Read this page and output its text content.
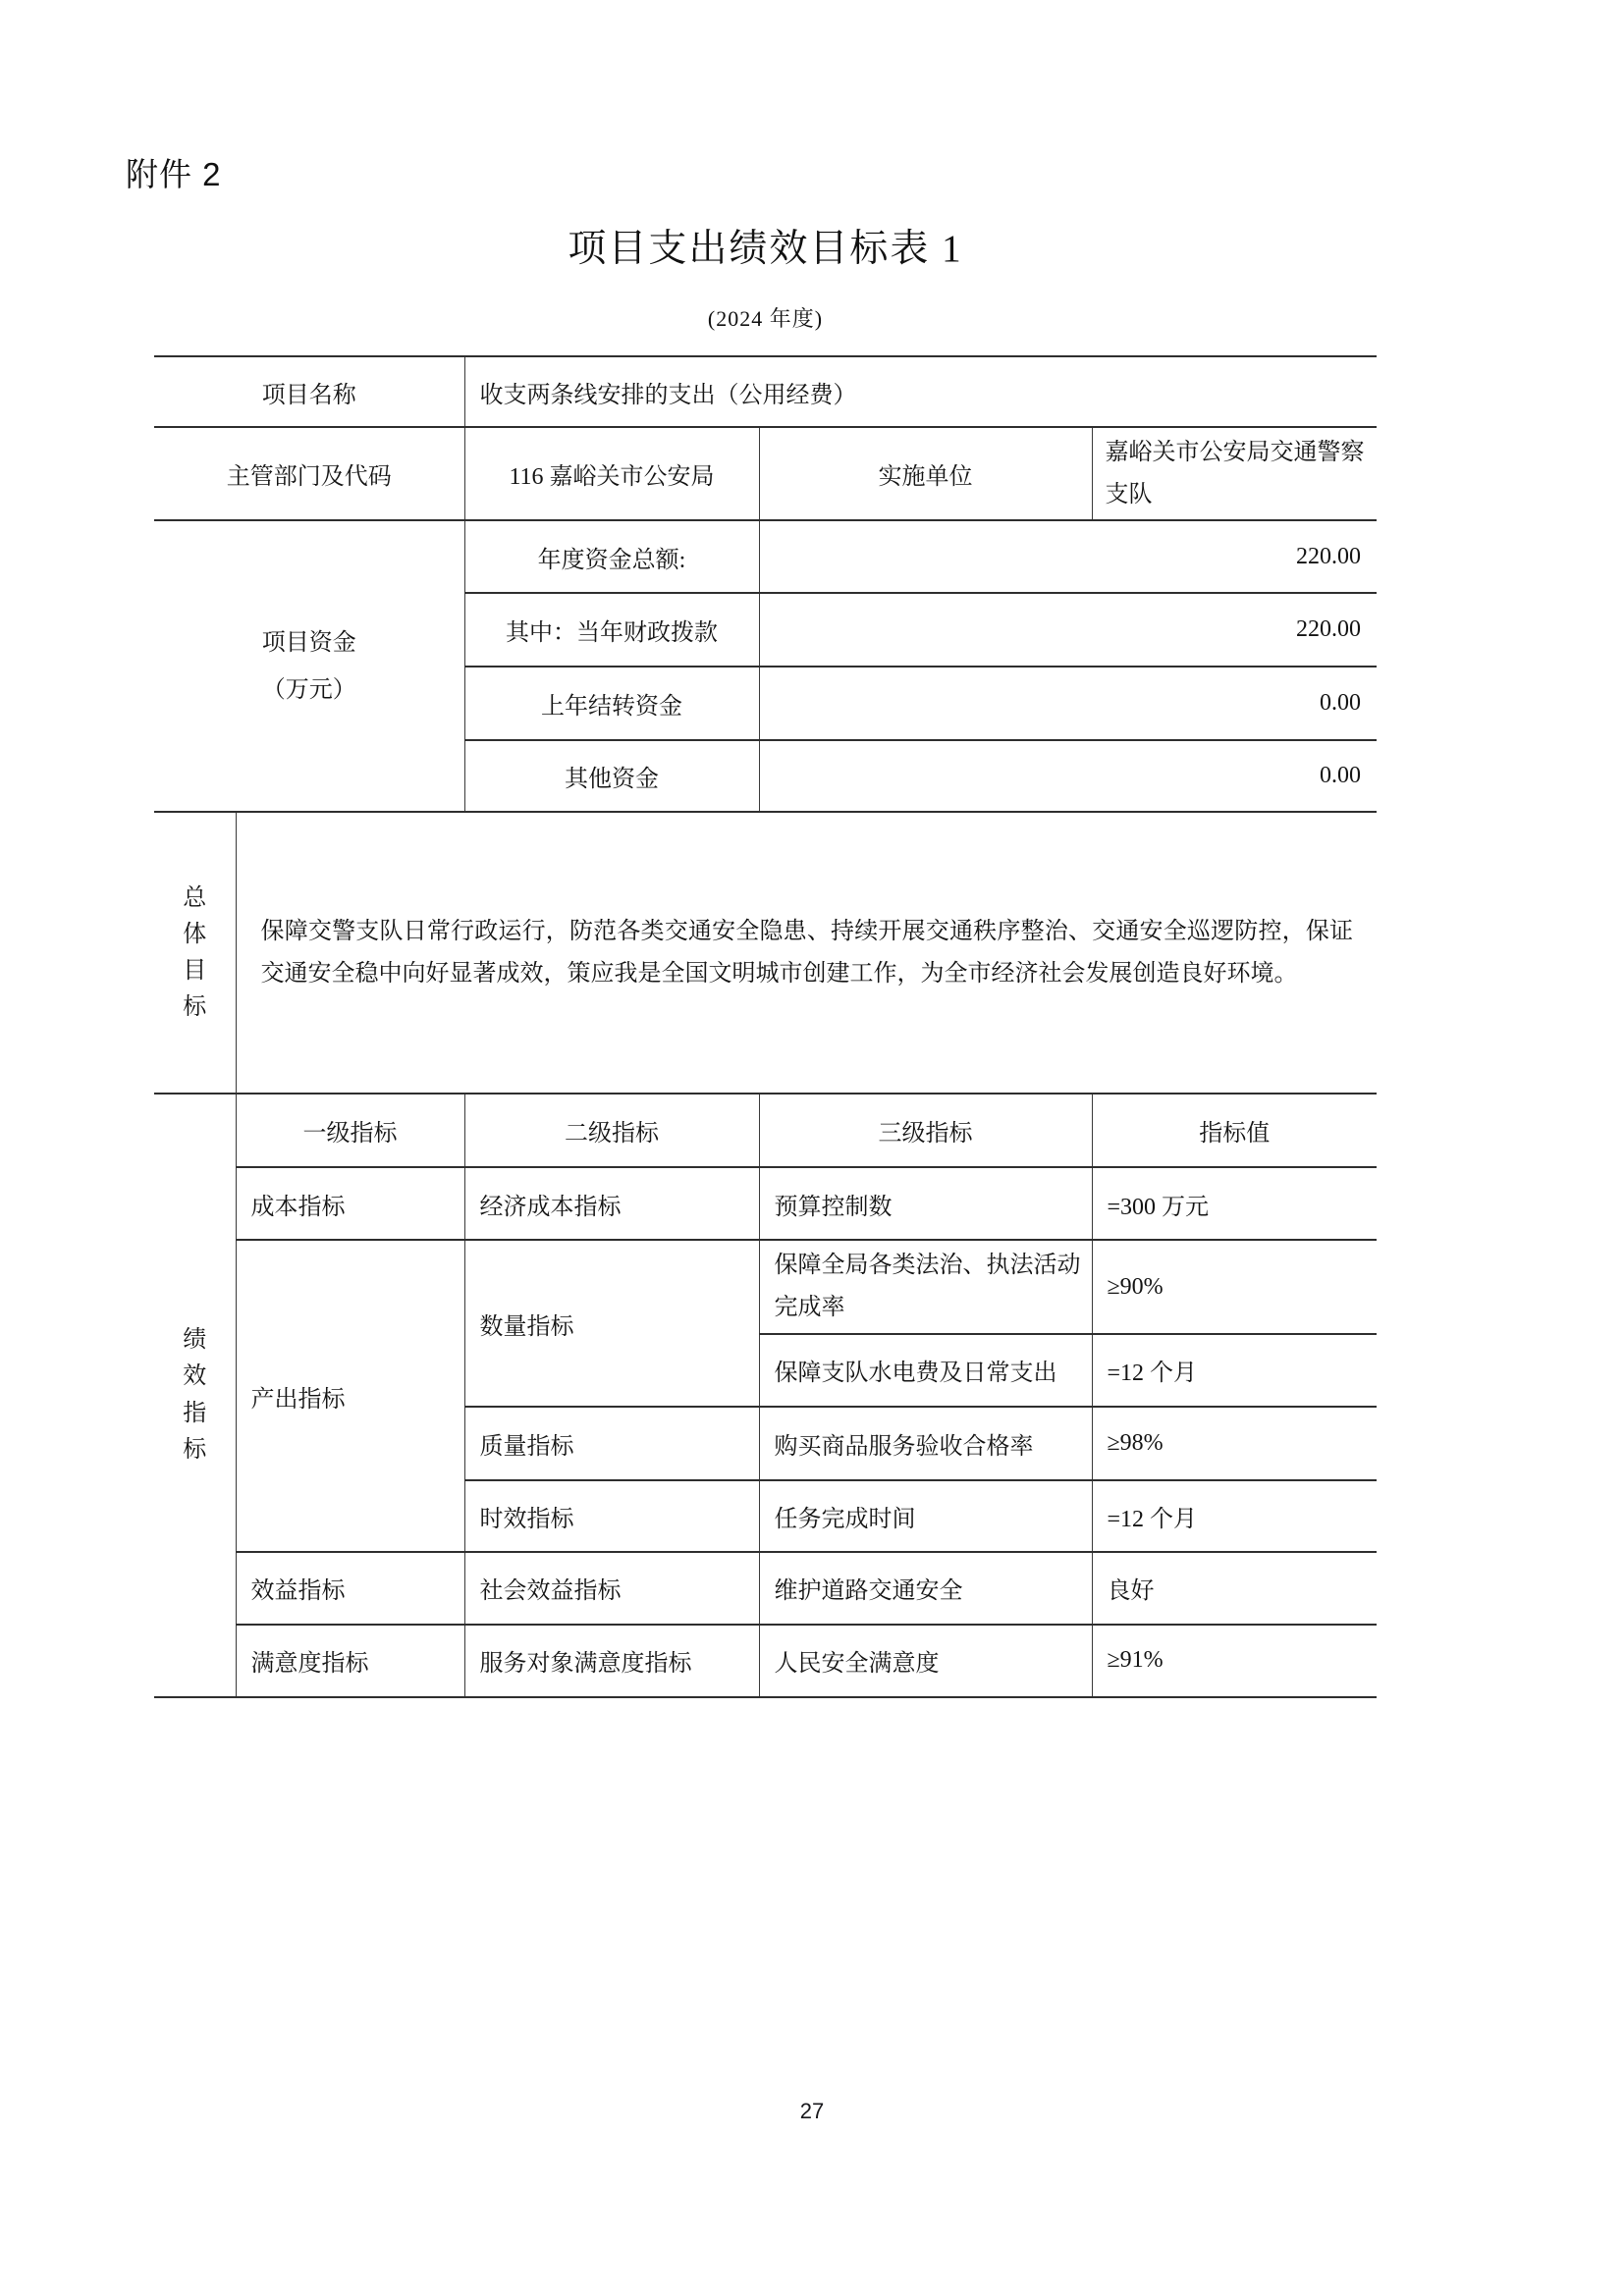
附件 2
项目支出绩效目标表 1
(2024 年度)
项目名称		收支两条线安排的支出（公用经费）		
主管部门及代码		116 嘉峪关市公安局	实施单位	嘉峪关市公安局交通警察支队

项目资金
（万元）		年度资金总额:	220.00	
		其中：当年财政拨款	220.00	
		上年结转资金	0.00	
		其他资金	0.00	

总体目标	保障交警支队日常行政运行，防范各类交通安全隐患、持续开展交通秩序整治、交通安全巡逻防控，保证交通安全稳中向好显著成效，策应我是全国文明城市创建工作，为全市经济社会发展创造良好环境。			

绩效指标	一级指标	二级指标	三级指标	指标值
	成本指标	经济成本指标	预算控制数	=300 万元
	产出指标	数量指标	保障全局各类法治、执法活动完成率	≥90%
			保障支队水电费及日常支出	=12 个月
		质量指标	购买商品服务验收合格率	≥98%
		时效指标	任务完成时间	=12 个月
	效益指标	社会效益指标	维护道路交通安全	良好
	满意度指标	服务对象满意度指标	人民安全满意度	≥91%
27
